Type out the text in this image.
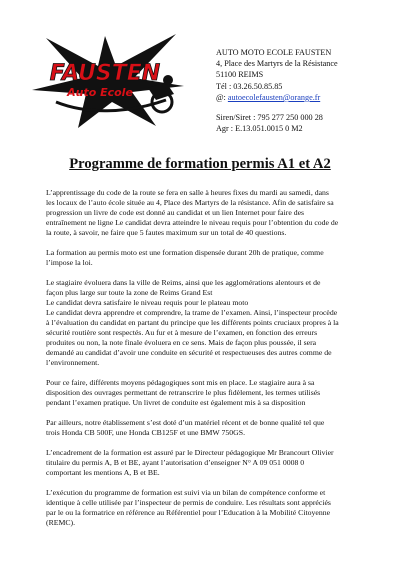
FAUSTEN
Auto Ecole
AUTO MOTO ECOLE FAUSTEN
4, Place des Martyrs de la Résistance
51100 REIMS
Tél : 03.26.50.85.85
@: autoecolefausten@orange.fr
Siren/Siret : 795 277 250 000 28
Agr : E.13.051.0015 0 M2
Programme de formation permis A1 et A2

L’apprentissage du code de la route se fera en salle à heures fixes du mardi au samedi, dans
les locaux de l’auto école située au 4, Place des Martyrs de la résistance. Afin de satisfaire sa
progression un livre de code est donné au candidat et un lien Internet pour faire des
entraînement ne ligne Le candidat devra atteindre le niveau requis pour l’obtention du code de
la route, à savoir, ne faire que 5 fautes maximum sur un total de 40 questions.

La formation au permis moto est une formation dispensée durant 20h de pratique, comme
l’impose la loi.

Le stagiaire évoluera dans la ville de Reims, ainsi que les agglomérations alentours et de
façon plus large sur toute la zone de Reims Grand Est
Le candidat devra satisfaire le niveau requis pour le plateau moto
Le candidat devra apprendre et comprendre, la trame de l’examen. Ainsi, l’inspecteur procède
à l’évaluation du candidat en partant du principe que les différents points cruciaux propres à la
sécurité routière sont respectés. Au fur et à mesure de l’examen, en fonction des erreurs
produites ou non, la note finale évoluera en ce sens. Mais de façon plus poussée, il sera
demandé au candidat d’avoir une conduite en sécurité et respectueuses des autres comme de
l’environnement.

Pour ce faire, différents moyens pédagogiques sont mis en place. Le stagiaire aura à sa
disposition des ouvrages permettant de retranscrire le plus fidèlement, les termes utilisés
pendant l’examen pratique. Un livret de conduite est également mis à sa disposition

Par ailleurs, notre établissement s’est doté d’un matériel récent et de bonne qualité tel que
trois Honda CB 500F, une Honda CB125F et une BMW 750GS.

L’encadrement de la formation est assuré par le Directeur pédagogique Mr Brancourt Olivier
titulaire du permis A, B et BE, ayant l’autorisation d’enseigner N° A 09 051 0008 0
comportant les mentions A, B et BE.

L’exécution du programme de formation est suivi via un bilan de compétence conforme et
identique à celle utilisée par l’inspecteur de permis de conduire. Les résultats sont appréciés
par le ou la formatrice en référence au Référentiel pour l’Education à la Mobilité Citoyenne
(REMC).
